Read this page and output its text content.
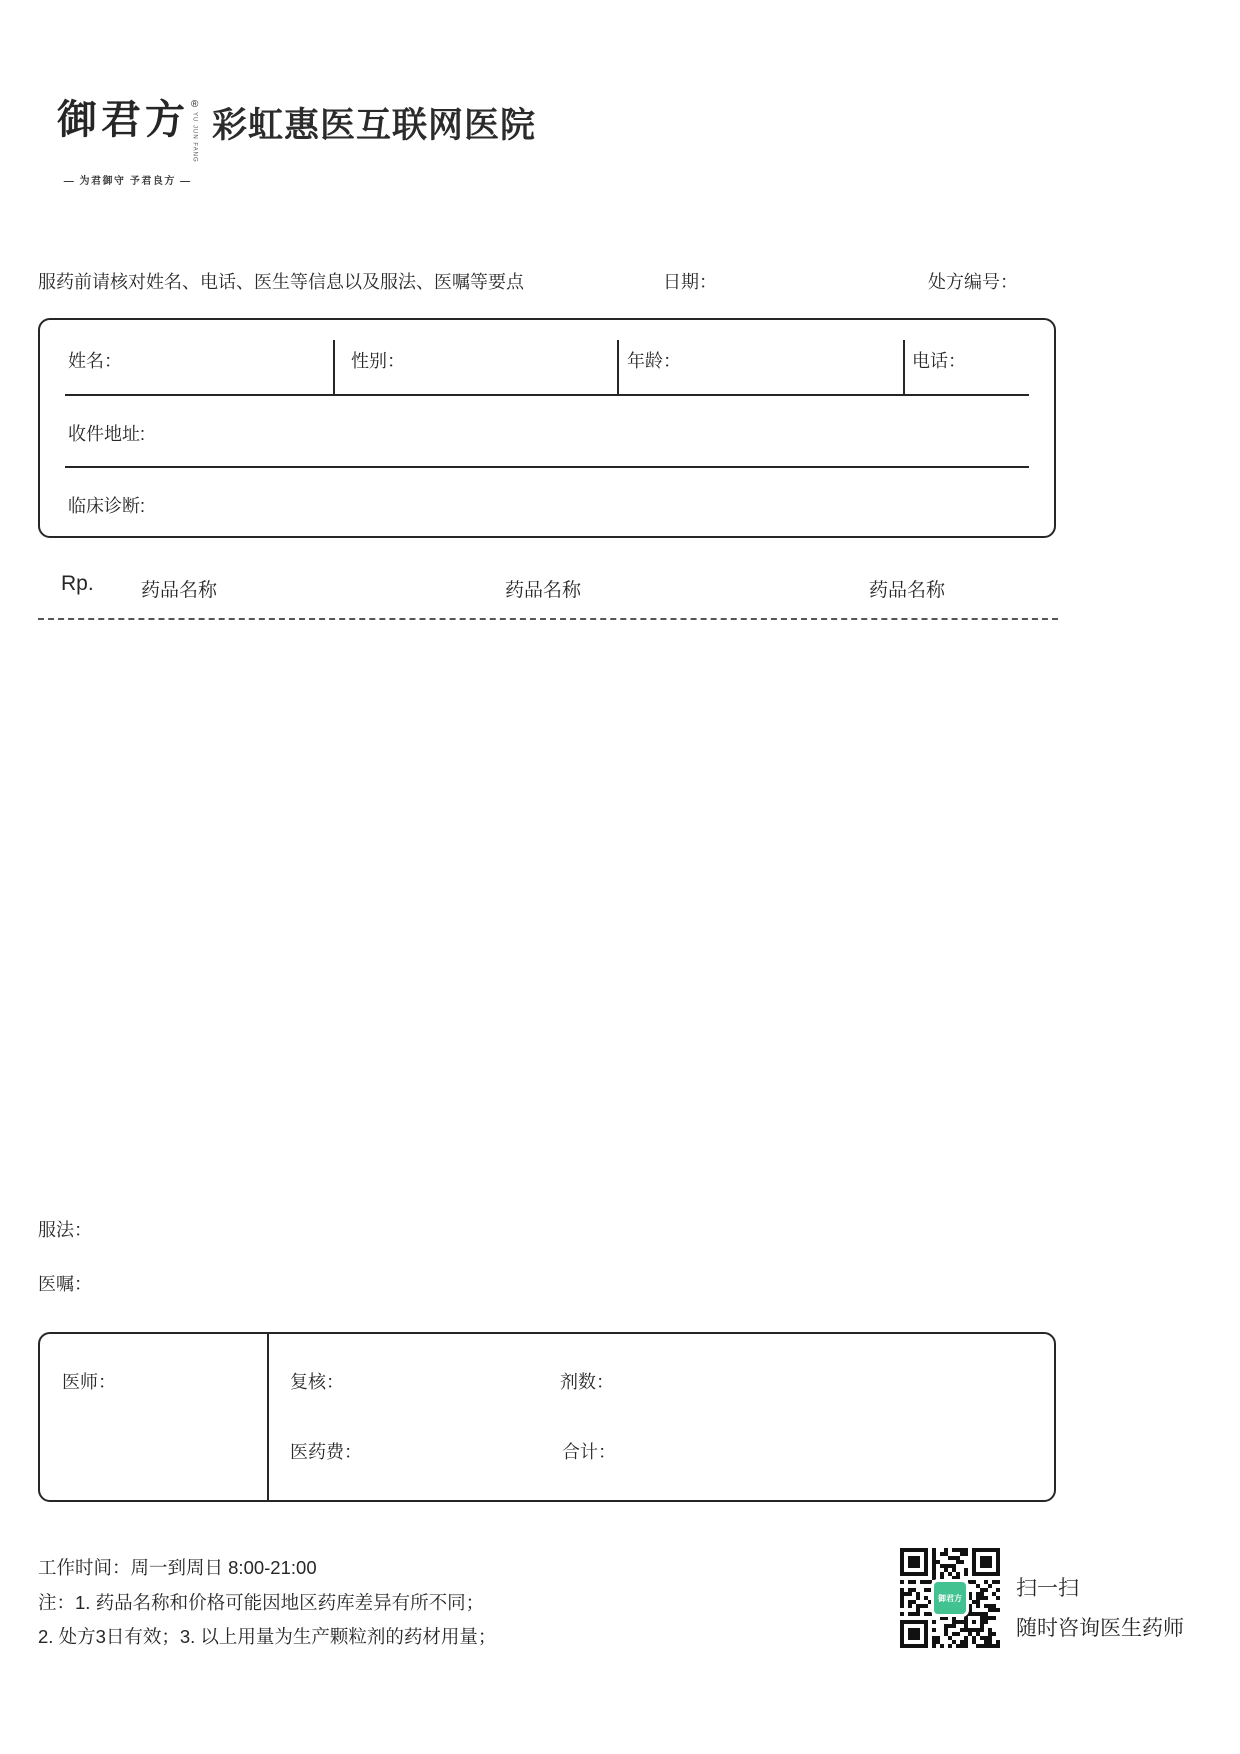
御君方 ®
YU JUN FANG
— 为君御守 予君良方 —
彩虹惠医互联网医院
服药前请核对姓名、电话、医生等信息以及服法、医嘱等要点	日期：	处方编号：
姓名：	性别：	年龄：	电话：
收件地址:
临床诊断:
Rp. 药品名称	药品名称	药品名称
服法：
医嘱：
医师：	复核：	剂数：
医药费：	合计：
工作时间：周一到周日 8:00-21:00
注：1. 药品名称和价格可能因地区药库差异有所不同；
2. 处方3日有效；3. 以上用量为生产颗粒剂的药材用量；
御君方	扫一扫
随时咨询医生药师
